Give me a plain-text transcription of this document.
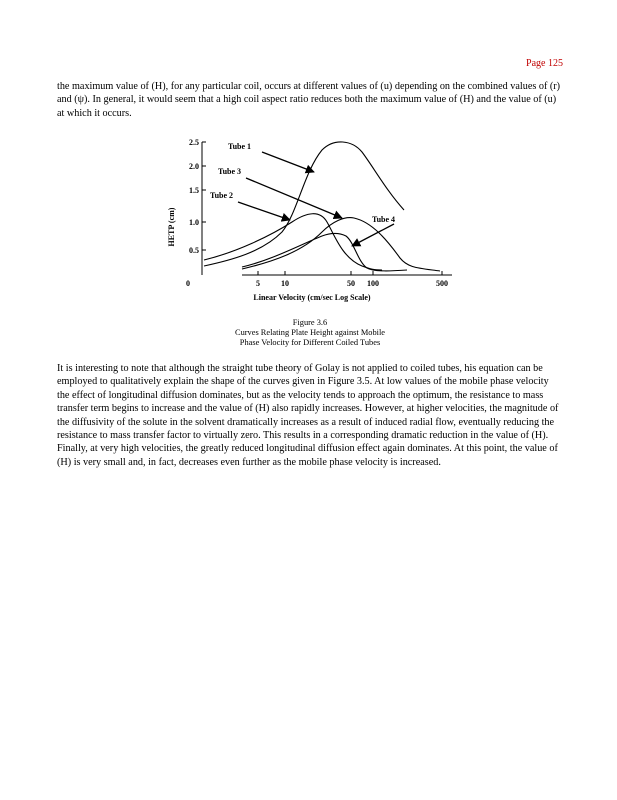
Page 125

the maximum value of (H), for any particular coil, occurs at different values of (u) depending on the combined values of (r) and (ψ). In general, it would seem that a high coil aspect ratio reduces both the maximum value of (H) and the value of (u) at which it occurs.

HETP (cm)
2.5
2.0
1.5
1.0
0.5
0	5	10	50 100	500
Linear Velocity (cm/sec Log Scale)
Tube 1
Tube 3
Tube 2
Tube 4
Figure 3.6
Curves Relating Plate Height against Mobile
Phase Velocity for Different Coiled Tubes

It is interesting to note that although the straight tube theory of Golay is not applied to coiled tubes, his equation can be employed to qualitatively explain the shape of the curves given in Figure 3.5. At low values of the mobile phase velocity the effect of longitudinal diffusion dominates, but as the velocity tends to approach the optimum, the resistance to mass transfer term begins to increase and the value of (H) also rapidly increases. However, at higher velocities, the magnitude of the diffusivity of the solute in the solvent dramatically increases as a result of induced radial flow, eventually reducing the resistance to mass transfer factor to virtually zero. This results in a corresponding dramatic reduction in the value of (H). Finally, at very high velocities, the greatly reduced longitudinal diffusion effect again dominates. At this point, the value of (H) is very small and, in fact, decreases even further as the mobile phase velocity is increased.
